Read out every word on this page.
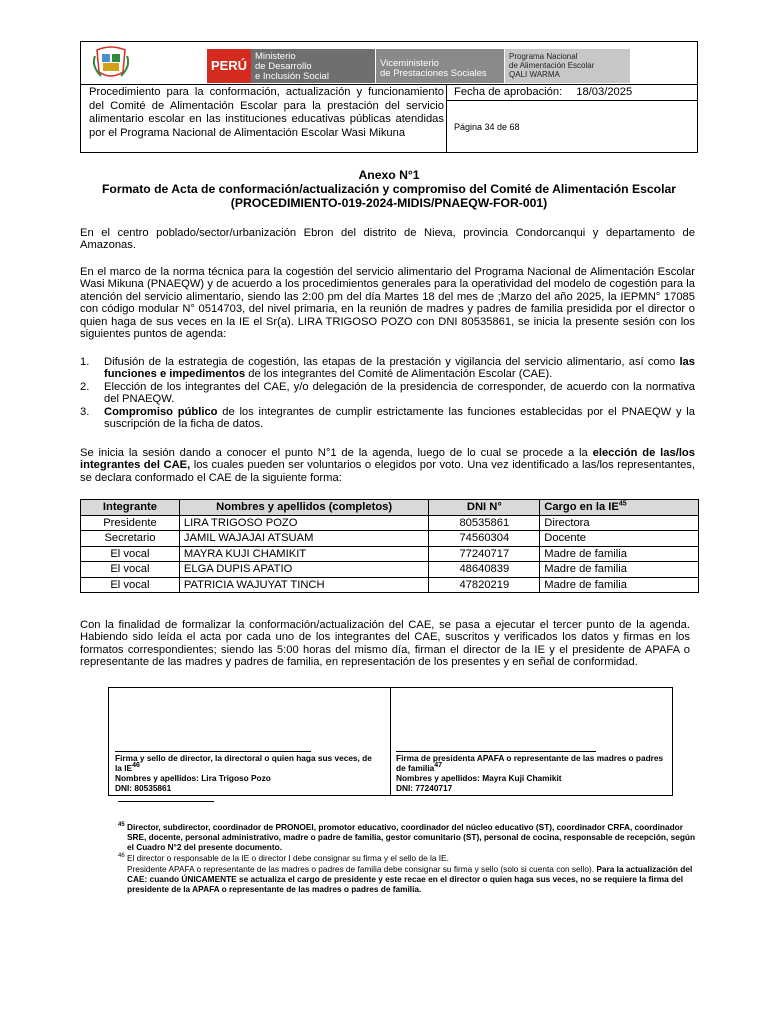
PERÚ
Ministerio
de Desarrollo
e Inclusión Social
Viceministerio
de Prestaciones Sociales
Programa Nacional
de Alimentación Escolar
QALI WARMA
Procedimiento para la conformación, actualización y funcionamiento del Comité de Alimentación Escolar para la prestación del servicio alimentario escolar en las instituciones educativas públicas atendidas por el Programa Nacional de Alimentación Escolar Wasi Mikuna
Fecha de aprobación: 18/03/2025
Página 34 de 68
Anexo N°1
Formato de Acta de conformación/actualización y compromiso del Comité de Alimentación Escolar
(PROCEDIMIENTO-019-2024-MIDIS/PNAEQW-FOR-001)
En el centro poblado/sector/urbanización Ebron del distrito de Nieva, provincia Condorcanqui y departamento de Amazonas.
En el marco de la norma técnica para la cogestión del servicio alimentario del Programa Nacional de Alimentación Escolar Wasi Mikuna (PNAEQW) y de acuerdo a los procedimientos generales para la operatividad del modelo de cogestión para la atención del servicio alimentario, siendo las 2:00 pm del día Martes 18 del mes de ;Marzo del año 2025, la IEPMN° 17085 con código modular N° 0514703, del nivel primaria, en la reunión de madres y padres de familia presidida por el director o quien haga de sus veces en la IE el Sr(a). LIRA TRIGOSO POZO con DNI 80535861, se inicia la presente sesión con los siguientes puntos de agenda:
1. Difusión de la estrategia de cogestión, las etapas de la prestación y vigilancia del servicio alimentario, así como las funciones e impedimentos de los integrantes del Comité de Alimentación Escolar (CAE).
2. Elección de los integrantes del CAE, y/o delegación de la presidencia de corresponder, de acuerdo con la normativa del PNAEQW.
3. Compromiso público de los integrantes de cumplir estrictamente las funciones establecidas por el PNAEQW y la suscripción de la ficha de datos.
Se inicia la sesión dando a conocer el punto N°1 de la agenda, luego de lo cual se procede a la elección de las/los integrantes del CAE, los cuales pueden ser voluntarios o elegidos por voto. Una vez identificado a las/los representantes, se declara conformado el CAE de la siguiente forma:
Integrante	Nombres y apellidos (completos)	DNI N°	Cargo en la IE$^{45}$
Presidente	LIRA TRIGOSO POZO	80535861	Directora
Secretario	JAMIL WAJAJAI ATSUAM	74560304	Docente
El vocal	MAYRA KUJI CHAMIKIT	77240717	Madre de familia
El vocal	ELGA DUPIS APATIO	48640839	Madre de familia
El vocal	PATRICIA WAJUYAT TINCH	47820219	Madre de familia
Con la finalidad de formalizar la conformación/actualización del CAE, se pasa a ejecutar el tercer punto de la agenda. Habiendo sido leída el acta por cada uno de los integrantes del CAE, suscritos y verificados los datos y firmas en los formatos correspondientes; siendo las 5:00 horas del mismo día, firman el director de la IE y el presidente de APAFA o representante de las madres y padres de familia, en representación de los presentes y en señal de conformidad.
Firma y sello de director, la directoral o quien haga sus veces, de la IE$^{46}$
Nombres y apellidos: Lira Trigoso Pozo
DNI: 80535861
Firma de presidenta APAFA o representante de las madres o padres de familia$^{47}$
Nombres y apellidos: Mayra Kuji Chamikit
DNI: 77240717
45 Director, subdirector, coordinador de PRONOEI, promotor educativo, coordinador del núcleo educativo (ST), coordinador CRFA, coordinador SRE, docente, personal administrativo, madre o padre de familia, gestor comunitario (ST), personal de cocina, responsable de recepción, según el Cuadro N°2 del presente documento.
46 El director o responsable de la IE o director I debe consignar su firma y el sello de la IE.
Presidente APAFA o representante de las madres o padres de familia debe consignar su firma y sello (solo si cuenta con sello). Para la actualización del CAE: cuando ÚNICAMENTE se actualiza el cargo de presidente y este recae en el director o quien haga sus veces, no se requiere la firma del presidente de la APAFA o representante de las madres o padres de familia.
